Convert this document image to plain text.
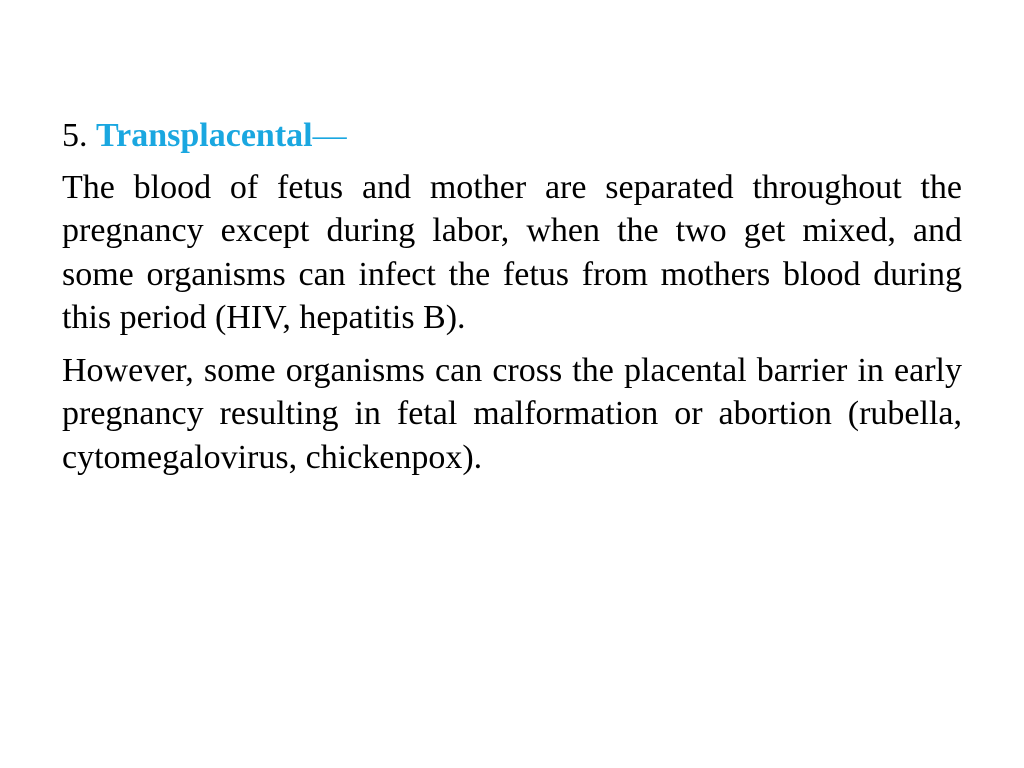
5. Transplacental—

The blood of fetus and mother are separated throughout the pregnancy except during labor, when the two get mixed, and some organisms can infect the fetus from mothers blood during this period (HIV, hepatitis B).

However, some organisms can cross the placental barrier in early pregnancy resulting in fetal malformation or abortion (rubella, cytomegalovirus, chickenpox).
